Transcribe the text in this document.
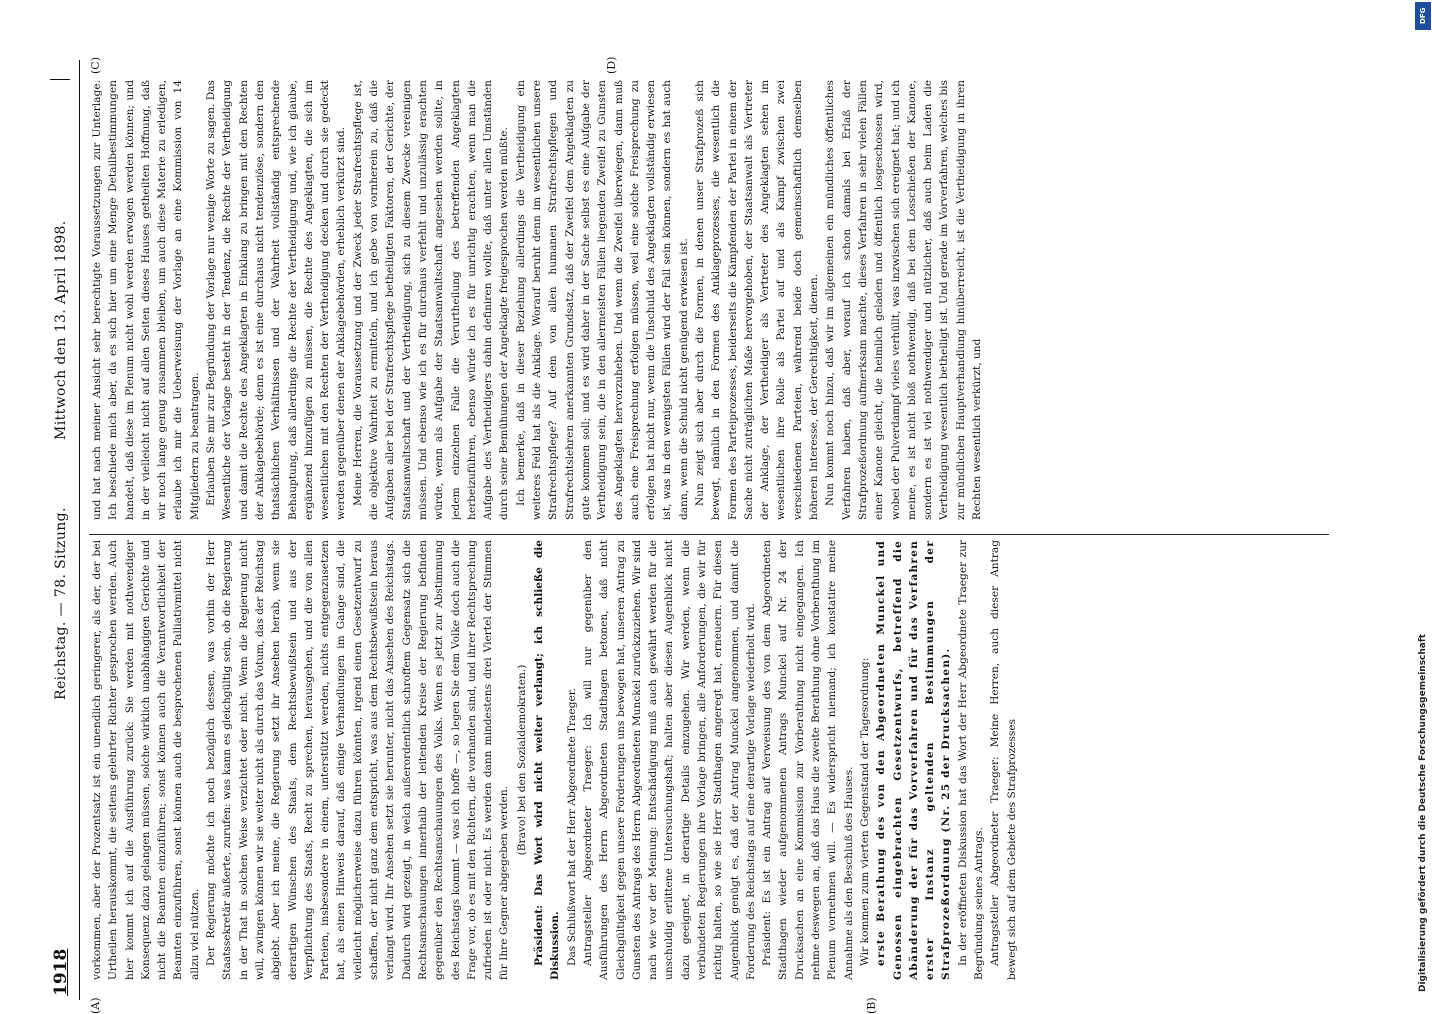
1918
Reichstag. — 78. Sitzung.
Mittwoch den 13. April 1898.
(A)	(B)

vorkommen, aber der Prozentsatz ist ein unendlich geringerer, als der, der bei Urtheilen herauskommt, die seitens gelehrter Richter gesprochen werden. Auch hier kommt ich auf die Ausführung zurück: Sie werden mit nothwendiger Konsequenz dazu gelangen müssen, solche wirklich unabhängigen Gerichte und nicht die Beamten einzuführen; sonst können auch die Verantwortlichkeit der Beamten einzuführen, sonst können auch die besprochenen Palliativmittel nicht allzu viel nützen. Der Regierung möchte ich noch bezüglich dessen, was vorhin der Herr Staatssekretär äußerte, zurufen: was kann es gleichgültig sein, ob die Regierung in der That in solchen Weise verzichtet oder nicht. Wenn die Regierung nicht will, zwingen können wir sie weiter nicht als durch das Votum, das der Reichstag abgiebt. Aber ich meine, die Regierung setzt ihr Ansehen herab, wenn sie derartigen Wünschen des Staats, dem Rechtsbewußtsein und aus der Verpflichtung des Staats, Recht zu sprechen, herausgehen, und die von allen Parteien, insbesondere in einem, unterstützt werden, nichts entgegenzusetzen hat, als einen Hinweis darauf, daß einige Verhandlungen im Gange sind, die vielleicht möglicherweise dazu führen könnten, irgend einen Gesetzentwurf zu schaffen, der nicht ganz dem entspricht, was aus dem Rechtsbewußtsein heraus verlangt wird. Ihr Ansehen setzt sie herunter, nicht das Ansehen des Reichstags. Dadurch wird gezeigt, in welch außerordentlich schroffem Gegensatz sich die Rechtsanschauungen innerhalb der leitenden Kreise der Regierung befinden gegenüber den Rechtsanschauungen des Volks. Wenn es jetzt zur Abstimmung des Reichstags kommt — was ich hoffe —, so legen Sie dem Volke doch auch die Frage vor, ob es mit den Richtern, die vorhanden sind, und ihrer Rechtsprechung zufrieden ist oder nicht. Es werden dann mindestens drei Viertel der Stimmen für Ihre Gegner abgegeben werden.

(Bravo! bei den Sozialdemokraten.) Präsident: Das Wort wird nicht weiter verlangt; ich schließe die Diskussion. Das Schlußwort hat der Herr Abgeordnete Traeger. Antragsteller Abgeordneter Traeger: Ich will nur gegenüber den Ausführungen des Herrn Abgeordneten Stadthagen betonen, daß nicht Gleichgültigkeit gegen unsere Forderungen uns bewogen hat, unseren Antrag zu Gunsten des Antrags des Herrn Abgeordneten Munckel zurückzuziehen. Wir sind nach wie vor der Meinung: Entschädigung muß auch gewährt werden für die unschuldig erlittene Untersuchungshaft; halten aber diesen Augenblick nicht dazu geeignet, in derartige Details einzugehen. Wir werden, wenn die verbündeten Regierungen ihre Vorlage bringen, alle Anforderungen, die wir für richtig halten, so wie sie Herr Stadthagen angeregt hat, erneuern. Für diesen Augenblick genügt es, daß der Antrag Munckel angenommen, und damit die Forderung des Reichstags auf eine derartige Vorlage wiederholt wird. Präsident: Es ist ein Antrag auf Verweisung des von dem Abgeordneten Stadthagen wieder aufgenommenen Antrags Munckel auf Nr. 24 der Drucksachen an eine Kommission zur Vorberathung nicht eingegangen. Ich nehme deswegen an, daß das Haus die zweite Berathung ohne Vorberathung im Plenum vornehmen will. — Es widerspricht niemand; ich konstatire meine Annahme als den Beschluß des Hauses. Wir kommen zum vierten Gegenstand der Tagesordnung: erste Berathung des von den Abgeordneten Munckel und Genossen eingebrachten Gesetzentwurfs, betreffend die Abänderung der für das Vorverfahren und für das Verfahren erster Instanz geltenden Bestimmungen der Strafprozeßordnung (Nr. 25 der Drucksachen). In der eröffneten Diskussion hat das Wort der Herr Abgeordnete Traeger zur Begründung seines Antrags. Antragsteller Abgeordneter Traeger: Meine Herren, auch dieser Antrag bewegt sich auf dem Gebiete des Strafprozesses

und hat nach meiner Ansicht sehr berechtigte Voraussetzungen zur Unterlage. Ich beschiede mich aber, da es sich hier um eine Menge Detailbestimmungen handelt, daß diese im Plenum nicht wohl werden erwogen werden können; und in der vielleicht nicht auf allen Seiten dieses Hauses getheilten Hoffnung, daß wir noch lange genug zusammen bleiben, um auch diese Materie zu erledigen, erlaube ich mir die Ueberweisung der Vorlage an eine Kommission von 14 Mitgliedern zu beantragen. Erlauben Sie mir zur Begründung der Vorlage nur wenige Worte zu sagen. Das Wesentliche der Vorlage besteht in der Tendenz, die Rechte der Vertheidigung und damit die Rechte des Angeklagten in Einklang zu bringen mit den Rechten der Anklagebehörde; denn es ist eine durchaus nicht tendenziöse, sondern den thatsächlichen Verhältnissen und der Wahrheit vollständig entsprechende Behauptung, daß allerdings die Rechte der Vertheidigung und, wie ich glaube, ergänzend hinzufügen zu müssen, die Rechte des Angeklagten, die sich im wesentlichen mit den Rechten der Vertheidigung decken und durch sie gedeckt werden gegenüber denen der Anklagebehörden, erheblich verkürzt sind. Meine Herren, die Voraussetzung und der Zweck jeder Strafrechtspflege ist, die objektive Wahrheit zu ermitteln, und ich gebe von vornherein zu, daß die Aufgaben aller bei der Strafrechtspflege betheiligten Faktoren, der Gerichte, der Staatsanwaltschaft und der Vertheidigung, sich zu diesem Zwecke vereinigen müssen. Und ebenso wie ich es für durchaus verfehlt und unzulässig erachten würde, wenn als Aufgabe der Staatsanwaltschaft angesehen werden sollte, in jedem einzelnen Falle die Verurtheilung des betreffenden Angeklagten herbeizuführen, ebenso würde ich es für unrichtig erachten, wenn man die Aufgabe des Vertheidigers dahin definiren wollte, daß unter allen Umständen durch seine Bemühungen der Angeklagte freigesprochen werden müßte. Ich bemerke, daß in dieser Beziehung allerdings die Vertheidigung ein weiteres Feld hat als die Anklage. Worauf beruht denn im wesentlichen unsere Strafrechtspflege? Auf dem von allen humanen Strafrechtspflegen und Strafrechtslehren anerkannten Grundsatz, daß der Zweifel dem Angeklagten zu gute kommen soll; und es wird daher in der Sache selbst es eine Aufgabe der Vertheidigung sein, die in den allermeisten Fällen liegenden Zweifel zu Gunsten des Angeklagten hervorzuheben. Und wenn die Zweifel überwiegen, dann muß auch eine Freisprechung erfolgen müssen, weil eine solche Freisprechung zu erfolgen hat nicht nur, wenn die Unschuld des Angeklagten vollständig erwiesen ist, was in den wenigsten Fällen wird der Fall sein können, sondern es hat auch dann, wenn die Schuld nicht genügend erwiesen ist. Nun zeigt sich aber durch die Formen, in denen unser Strafprozeß sich bewegt, nämlich in den Formen des Anklageprozesses, die wesentlich die Formen des Parteiprozesses, beiderseits die Kämpfenden der Partei in einem der Sache nicht zuträglichen Maße hervorgehoben, der Staatsanwalt als Vertreter der Anklage, der Vertheidiger als Vertreter des Angeklagten sehen im wesentlichen ihre Rolle als Partei auf und als Kampf zwischen zwei verschiedenen Parteien, während beide doch gemeinschaftlich demselben höheren Interesse, der Gerechtigkeit, dienen. Nun kommt noch hinzu, daß wir im allgemeinen ein mündliches öffentliches Verfahren haben, daß aber, worauf ich schon damals bei Erlaß der Strafprozeßordnung aufmerksam machte, dieses Verfahren in sehr vielen Fällen einer Kanone gleicht, die heimlich geladen und öffentlich losgeschossen wird, wobei der Pulverdampf vieles verhüllt, was inzwischen sich ereignet hat; und ich meine, es ist nicht bloß nothwendig, daß bei dem Losschießen der Kanone, sondern es ist viel nothwendiger und nützlicher, daß auch beim Laden die Vertheidigung wesentlich betheiligt ist. Und gerade im Vorverfahren, welches bis zur mündlichen Hauptverhandlung hinüberreicht, ist die Vertheidigung in ihren Rechten wesentlich verkürzt, und

(C)	(D)
Digitalisierung gefördert durch die Deutsche Forschungsgemeinschaft
DFG
